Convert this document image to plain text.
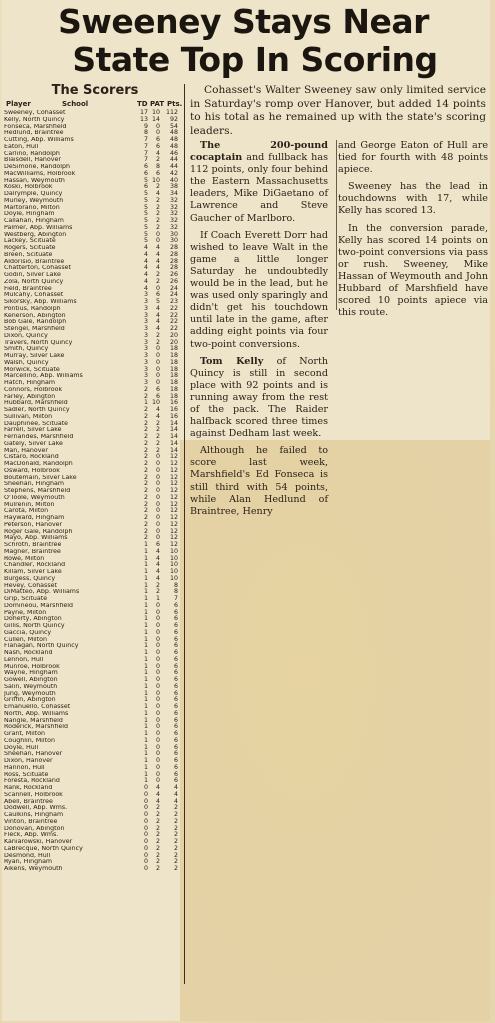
Sweeney Stays Near
State Top In Scoring
The Scorers
Player	School	TD PAT Pts.
Sweeney, Cohasset	17 10 112
Kelly, North Quincy	13 14	92
Fonseca, Marshfield	9	0	54
Hedlund, Braintree	8	0	48
Cutting, Abp. Williams	7	6	48
Eaton, Hull	7	6	48
Carlino, Randolph	7	4	46
Blaisdell, Hanover	7	2	44
DeSimone, Randolph	6	8	44
MacWilliams, Holbrook	6	6	42
Hassan, Weymouth	5 10	40
Koski, Holbrook	6	2	38
Dalrymple, Quincy	5	4	34
Murley, Weymouth	5	2	32
Martorano, Milton	5	2	32
Doyle, Hingham	5	2	32
Callahan, Hingham	5	2	32
Palmer, Abp. Williams	5	2	32
Westberg, Abington	5	0	30
Lackey, Scituate	5	0	30
Rogers, Scituate	4	4	28
Breen, Scituate	4	4	28
Aldorisio, Braintree	4	4	28
Chatterton, Cohasset	4	4	28
Godin, Silver Lake	4	2	26
Zola, North Quincy	4	2	26
Field, Braintree	4	0	24
Mulcahy, Cohasset	3	6	24
Sikorsky, Abp. Williams	3	5	23
Pontius, Randolph	3	4	22
Kenerson, Abington	3	4	22
Bob Gale, Randolph	3	4	22
Stengel, Marshfield	3	4	22
Dixon, Quincy	3	2	20
Travers, North Quincy	3	2	20
Smith, Quincy	3	0	18
Murray, Silver Lake	3	0	18
Walsh, Quincy	3	0	18
Morwick, Scituate	3	0	18
Marcellino, Abp. Williams	3	0	18
Hatch, Hingham	3	0	18
Connors, Holbrook	2	6	18
Farley, Abington	2	6	18
Hubbard, Marshfield	1 10	16
Sadler, North Quincy	2	4	16
Sullivan, Milton	2	4	16
Dauphinee, Scituate	2	2	14
Farrell, Silver Lake	2	2	14
Fernandes, Marshfield	2	2	14
Gately, Silver Lake	2	2	14
Man, Hanover	2	2	14
Cistaro, Rockland	2	0	12
MacDonald, Randolph	2	0	12
Osward, Holbrook	2	0	12
Boutemain, Silver Lake	2	0	12
Sheehan, Hingham	2	0	12
Stephens, Marshfield	2	0	12
O'Toole, Weymouth	2	0	12
Mulrenin, Milton	2	0	12
Carota, Milton	2	0	12
Hayward, Hingham	2	0	12
Peterson, Hanover	2	0	12
Roger Gale, Randolph	2	0	12
Mayo, Abp. Williams	2	0	12
Schroth, Braintree	1	6	12
Magner, Braintree	1	4	10
Rowe, Milton	1	4	10
Chandler, Rockland	1	4	10
Killam, Silver Lake	1	4	10
Burgess, Quincy	1	4	10
Hevey, Cohasset	1	2	8
DiMatteo, Abp. Williams	1	2	8
Grip, Scituate	1	1	7
Domineou, Marshfield	1	0	6
Payne, Milton	1	0	6
Doherty, Abington	1	0	6
Gillis, North Quincy	1	0	6
Gaccia, Quincy	1	0	6
Cullen, Milton	1	0	6
Flanagan, North Quincy	1	0	6
Nash, Rockland	1	0	6
Lennon, Hull	1	0	6
Munroe, Holbrook	1	0	6
Wayne, Hingham	1	0	6
Gowell, Abington	1	0	6
Salin, Weymouth	1	0	6
Jung, Weymouth	1	0	6
Griffin, Abington	1	0	6
Emanuello, Cohasset	1	0	6
North, Abp. Williams	1	0	6
Nangle, Marshfield	1	0	6
Roderick, Marshfield	1	0	6
Grant, Milton	1	0	6
Coughlin, Milton	1	0	6
Doyle, Hull	1	0	6
Sheehan, Hanover	1	0	6
Dixon, Hanover	1	0	6
Hannon, Hull	1	0	6
Ross, Scituate	1	0	6
Foresta, Rockland	1	0	6
Rank, Rockland	0	4	4
Scannell, Holbrook	0	4	4
Abell, Braintree	0	4	4
Dodwell, Abp. Wms.	0	2	2
Caulkins, Hingham	0	2	2
Vinton, Braintree	0	2	2
Donovan, Abington	0	2	2
Fleck, Abp. Wms.	0	2	2
Kaniarowski, Hanover	0	2	2
LaBrecque, North Quincy	0	2	2
Desmond, Hull	0	2	2
Ryan, Hingham	0	2	2
Aikens, Weymouth	0	2	2

Cohasset's Walter Sweeney saw only limited service in Saturday's romp over Hanover, but added 14 points to his total as he remained up with the state's scoring leaders.

The 200-pound cocaptain and fullback has 112 points, only four behind the Eastern Massachusetts leaders, Mike DiGaetano of Lawrence and Steve Gaucher of Marlboro.

If Coach Everett Dorr had wished to leave Walt in the game a little longer Saturday he undoubtedly would be in the lead, but he was used only sparingly and didn't get his touchdown until late in the game, after adding eight points via four two-point conversions.

Tom Kelly of North Quincy is still in second place with 92 points and is running away from the rest of the pack. The Raider halfback scored three times against Dedham last week.

Although he failed to score last week, Marshfield's Ed Fonseca is still third with 54 points, while Alan Hedlund of Braintree, Henry

and George Eaton of Hull are tied for fourth with 48 points apiece.

Sweeney has the lead in touchdowns with 17, while Kelly has scored 13.

In the conversion parade, Kelly has scored 14 points on two-point conversions via pass or rush. Sweeney, Mike Hassan of Weymouth and John Hubbard of Marshfield have scored 10 points apiece via this route.
